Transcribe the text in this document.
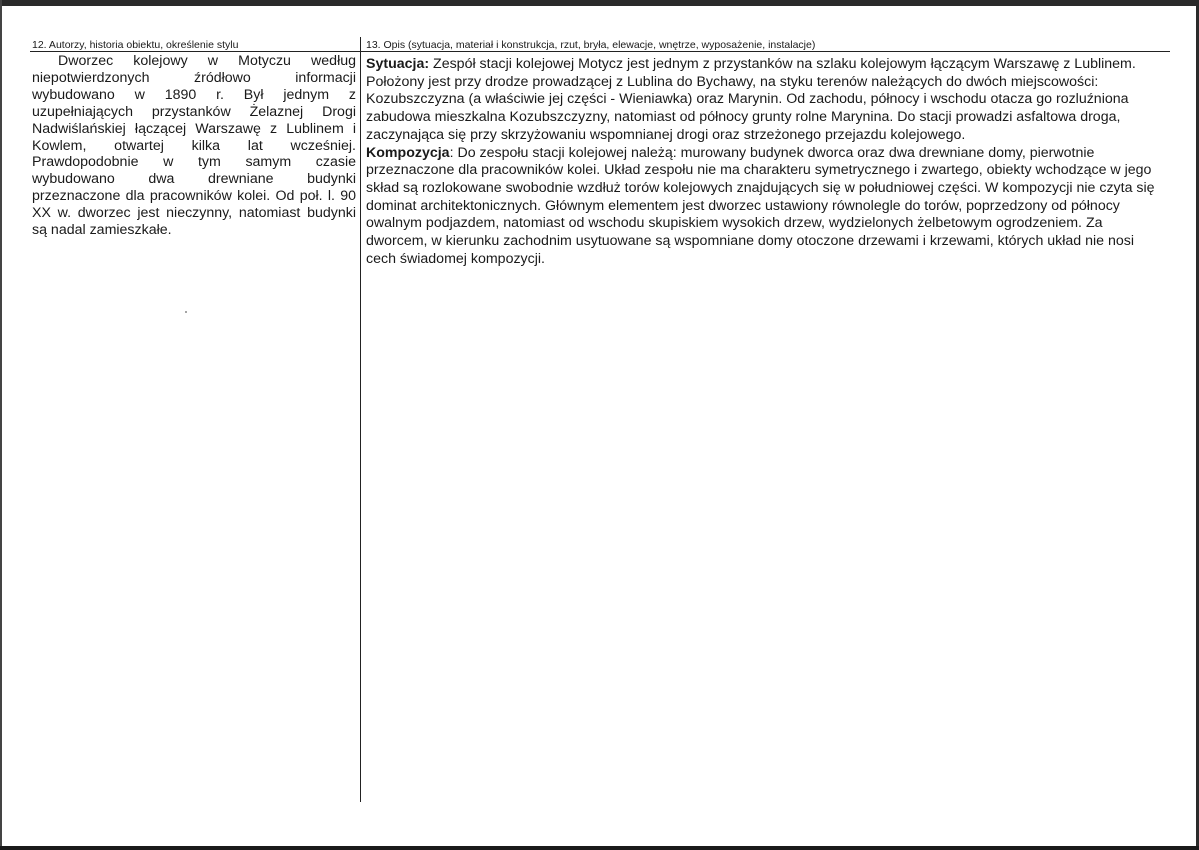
12. Autorzy, historia obiektu, określenie stylu	13. Opis (sytuacja, materiał i konstrukcja, rzut, bryła, elewacje, wnętrze, wyposażenie, instalacje)
Dworzec kolejowy w Motyczu według niepotwierdzonych źródłowo informacji wybudowano w 1890 r. Był jednym z uzupełniających przystanków Żelaznej Drogi Nadwiślańskiej łączącej Warszawę z Lublinem i Kowlem, otwartej kilka lat wcześniej. Prawdopodobnie w tym samym czasie wybudowano dwa drewniane budynki przeznaczone dla pracowników kolei. Od poł. l. 90 XX w. dworzec jest nieczynny, natomiast budynki są nadal zamieszkałe.

Sytuacja: Zespół stacji kolejowej Motycz jest jednym z przystanków na szlaku kolejowym łączącym Warszawę z Lublinem. Położony jest przy drodze prowadzącej z Lublina do Bychawy, na styku terenów należących do dwóch miejscowości: Kozubszczyzna (a właściwie jej części - Wieniawka) oraz Marynin. Od zachodu, północy i wschodu otacza go rozluźniona zabudowa mieszkalna Kozubszczyzny, natomiast od północy grunty rolne Marynina. Do stacji prowadzi asfaltowa droga, zaczynająca się przy skrzyżowaniu wspomnianej drogi oraz strzeżonego przejazdu kolejowego.

Kompozycja: Do zespołu stacji kolejowej należą: murowany budynek dworca oraz dwa drewniane domy, pierwotnie przeznaczone dla pracowników kolei. Układ zespołu nie ma charakteru symetrycznego i zwartego, obiekty wchodzące w jego skład są rozlokowane swobodnie wzdłuż torów kolejowych znajdujących się w południowej części. W kompozycji nie czyta się dominat architektonicznych. Głównym elementem jest dworzec ustawiony równolegle do torów, poprzedzony od północy owalnym podjazdem, natomiast od wschodu skupiskiem wysokich drzew, wydzielonych żelbetowym ogrodzeniem. Za dworcem, w kierunku zachodnim usytuowane są wspomniane domy otoczone drzewami i krzewami, których układ nie nosi cech świadomej kompozycji.
